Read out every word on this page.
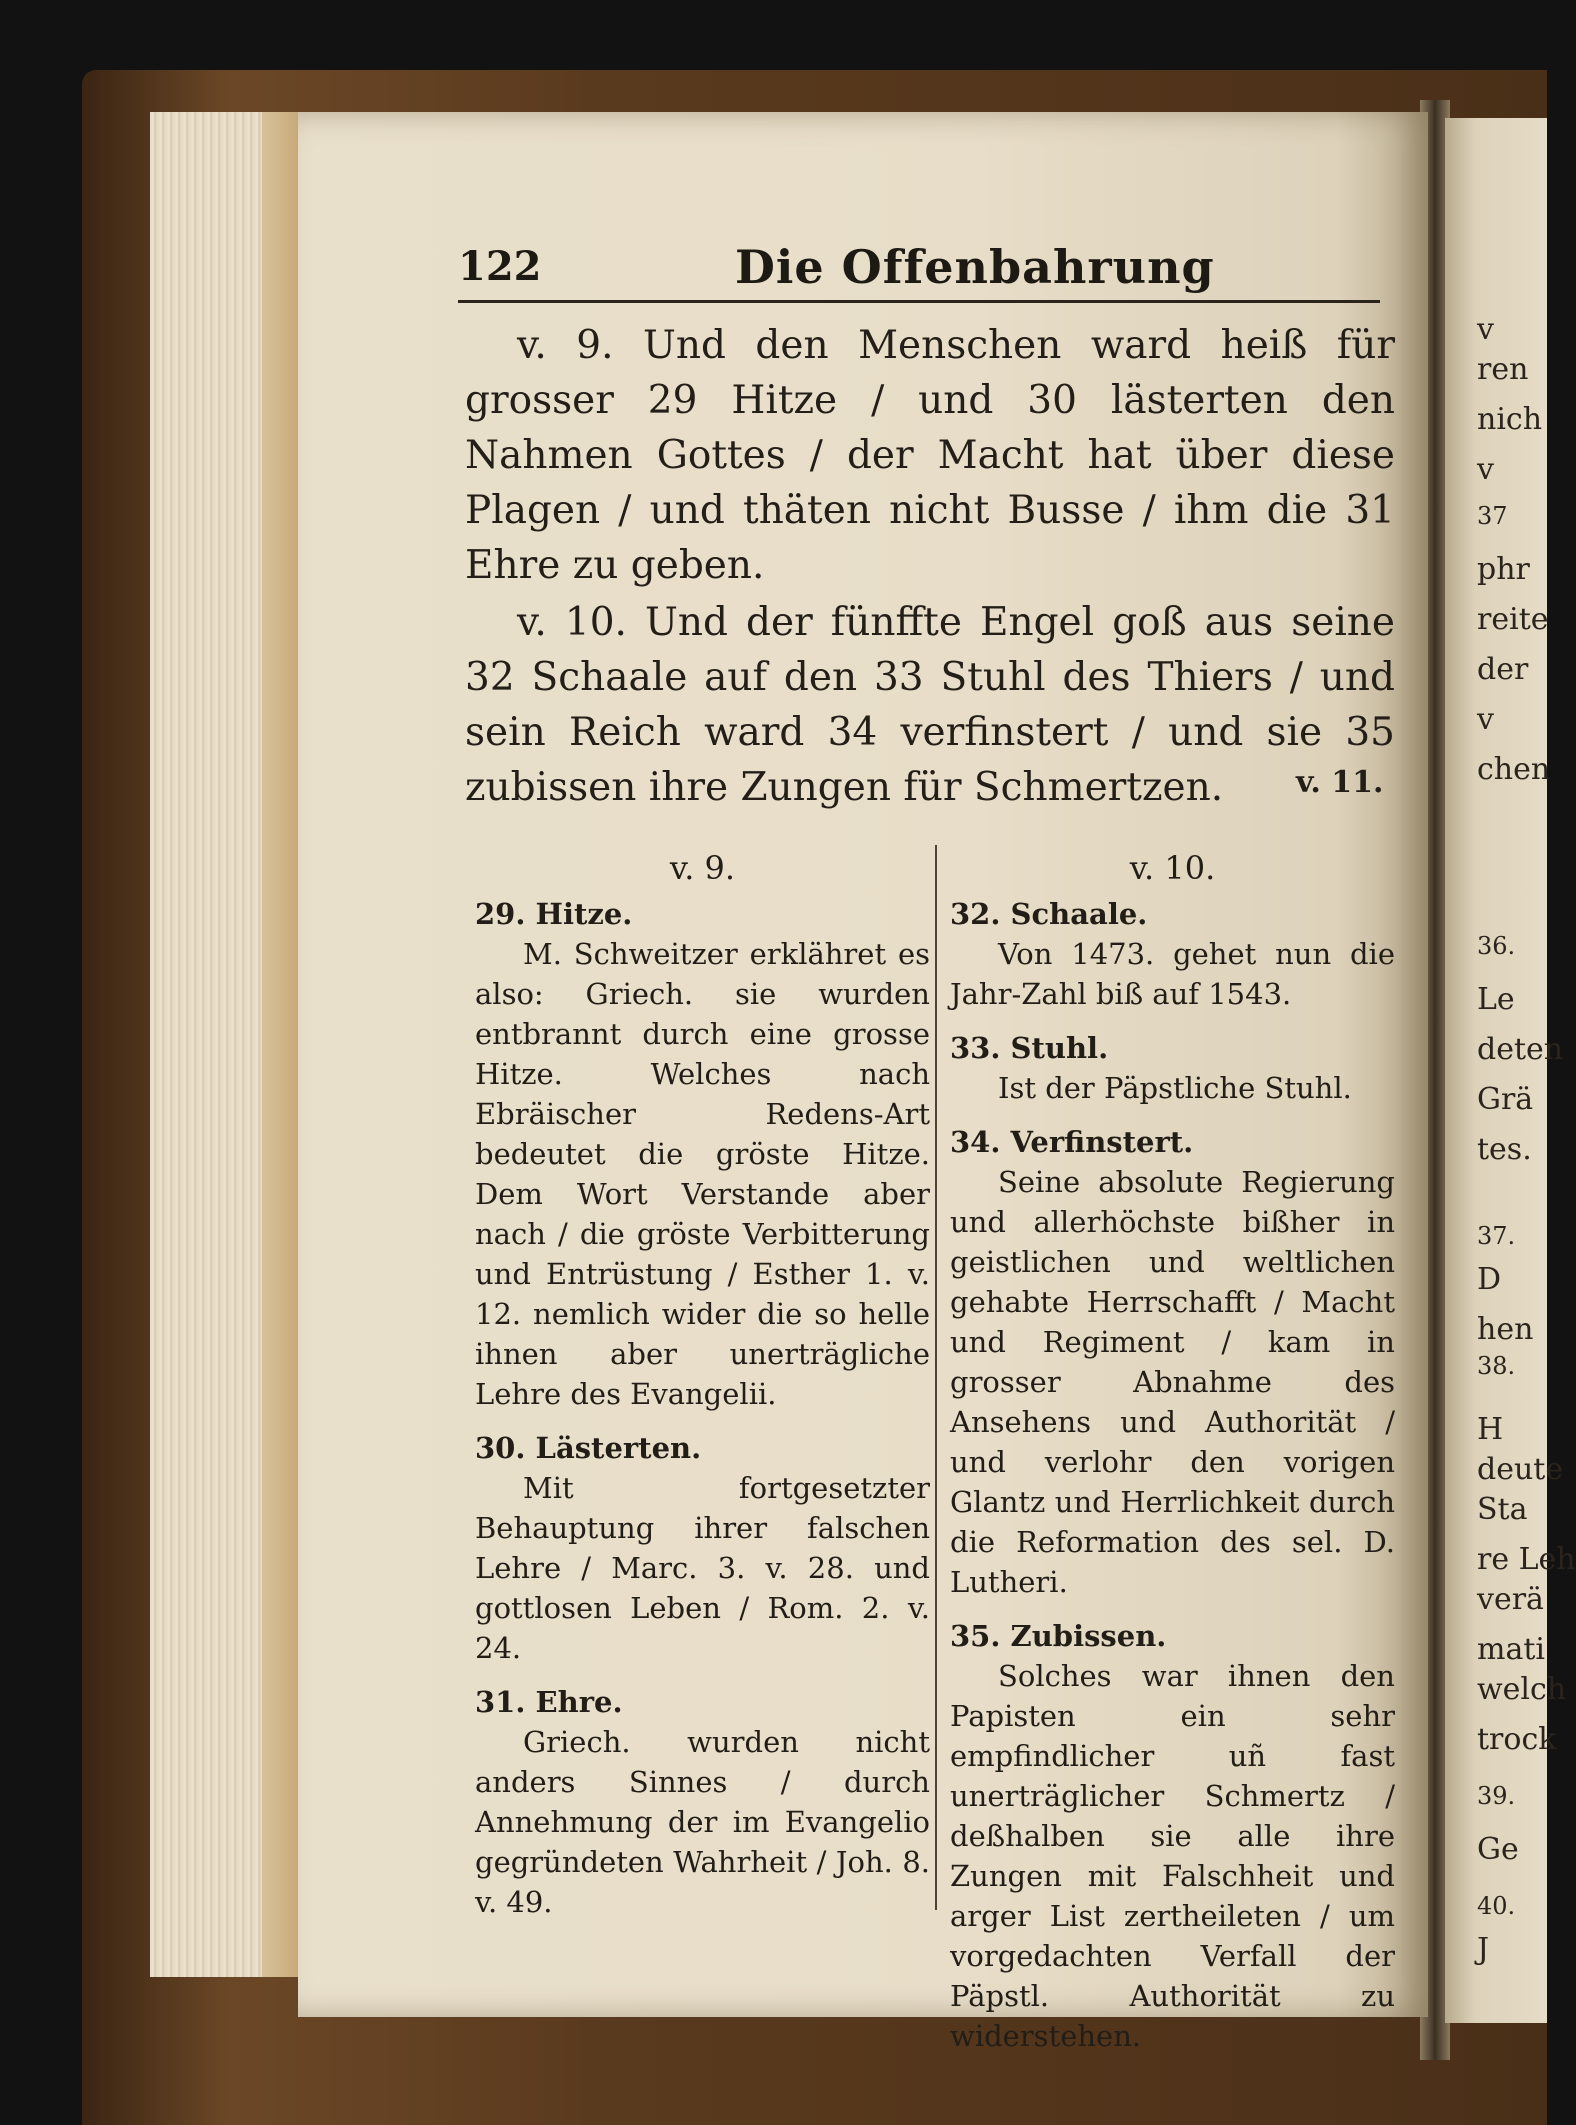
v
ren
nich
v
37
phr
reite
der
v
chen
36.
Le
deten
Grä
tes.
37.
D
hen
38.
H
deute
Sta
re Leh
verä
mati
welch
trock
39.
Ge
40.
J
122	Die Offenbahrung

v. 9. Und den Menschen ward heiß für grosser 29 Hitze / und 30 lästerten den Nahmen Gottes / der Macht hat über diese Plagen / und thäten nicht Busse / ihm die 31 Ehre zu geben.

v. 10. Und der fünffte Engel goß aus seine 32 Schaale auf den 33 Stuhl des Thiers / und sein Reich ward 34 verfinstert / und sie 35 zubissen ihre Zungen für Schmertzen.	v. 11.
v. 9.
29. Hitze.
M. Schweitzer erklähret es also: Griech. sie wurden entbrannt durch eine grosse Hitze. Welches nach Ebräischer Redens-Art bedeutet die gröste Hitze. Dem Wort Verstande aber nach / die gröste Verbitterung und Entrüstung / Esther 1. v. 12. nemlich wider die so helle ihnen aber unerträgliche Lehre des Evangelii.
30. Lästerten.
Mit fortgesetzter Behauptung ihrer falschen Lehre / Marc. 3. v. 28. und gottlosen Leben / Rom. 2. v. 24.
31. Ehre.
Griech. wurden nicht anders Sinnes / durch Annehmung der im Evangelio gegründeten Wahrheit / Joh. 8. v. 49.
v. 10.
32. Schaale.
Von 1473. gehet nun die Jahr-Zahl biß auf 1543.
33. Stuhl.
Ist der Päpstliche Stuhl.
34. Verfinstert.
Seine absolute Regierung und allerhöchste bißher in geistlichen und weltlichen gehabte Herrschafft / Macht und Regiment / kam in grosser Abnahme des Ansehens und Authorität / und verlohr den vorigen Glantz und Herrlichkeit durch die Reformation des sel. D. Lutheri.
35. Zubissen.
Solches war ihnen den Papisten ein sehr empfindlicher uñ fast unerträglicher Schmertz / deßhalben sie alle ihre Zungen mit Falschheit und arger List zertheileten / um vorgedachten Verfall der Päpstl. Authorität zu widerstehen.
